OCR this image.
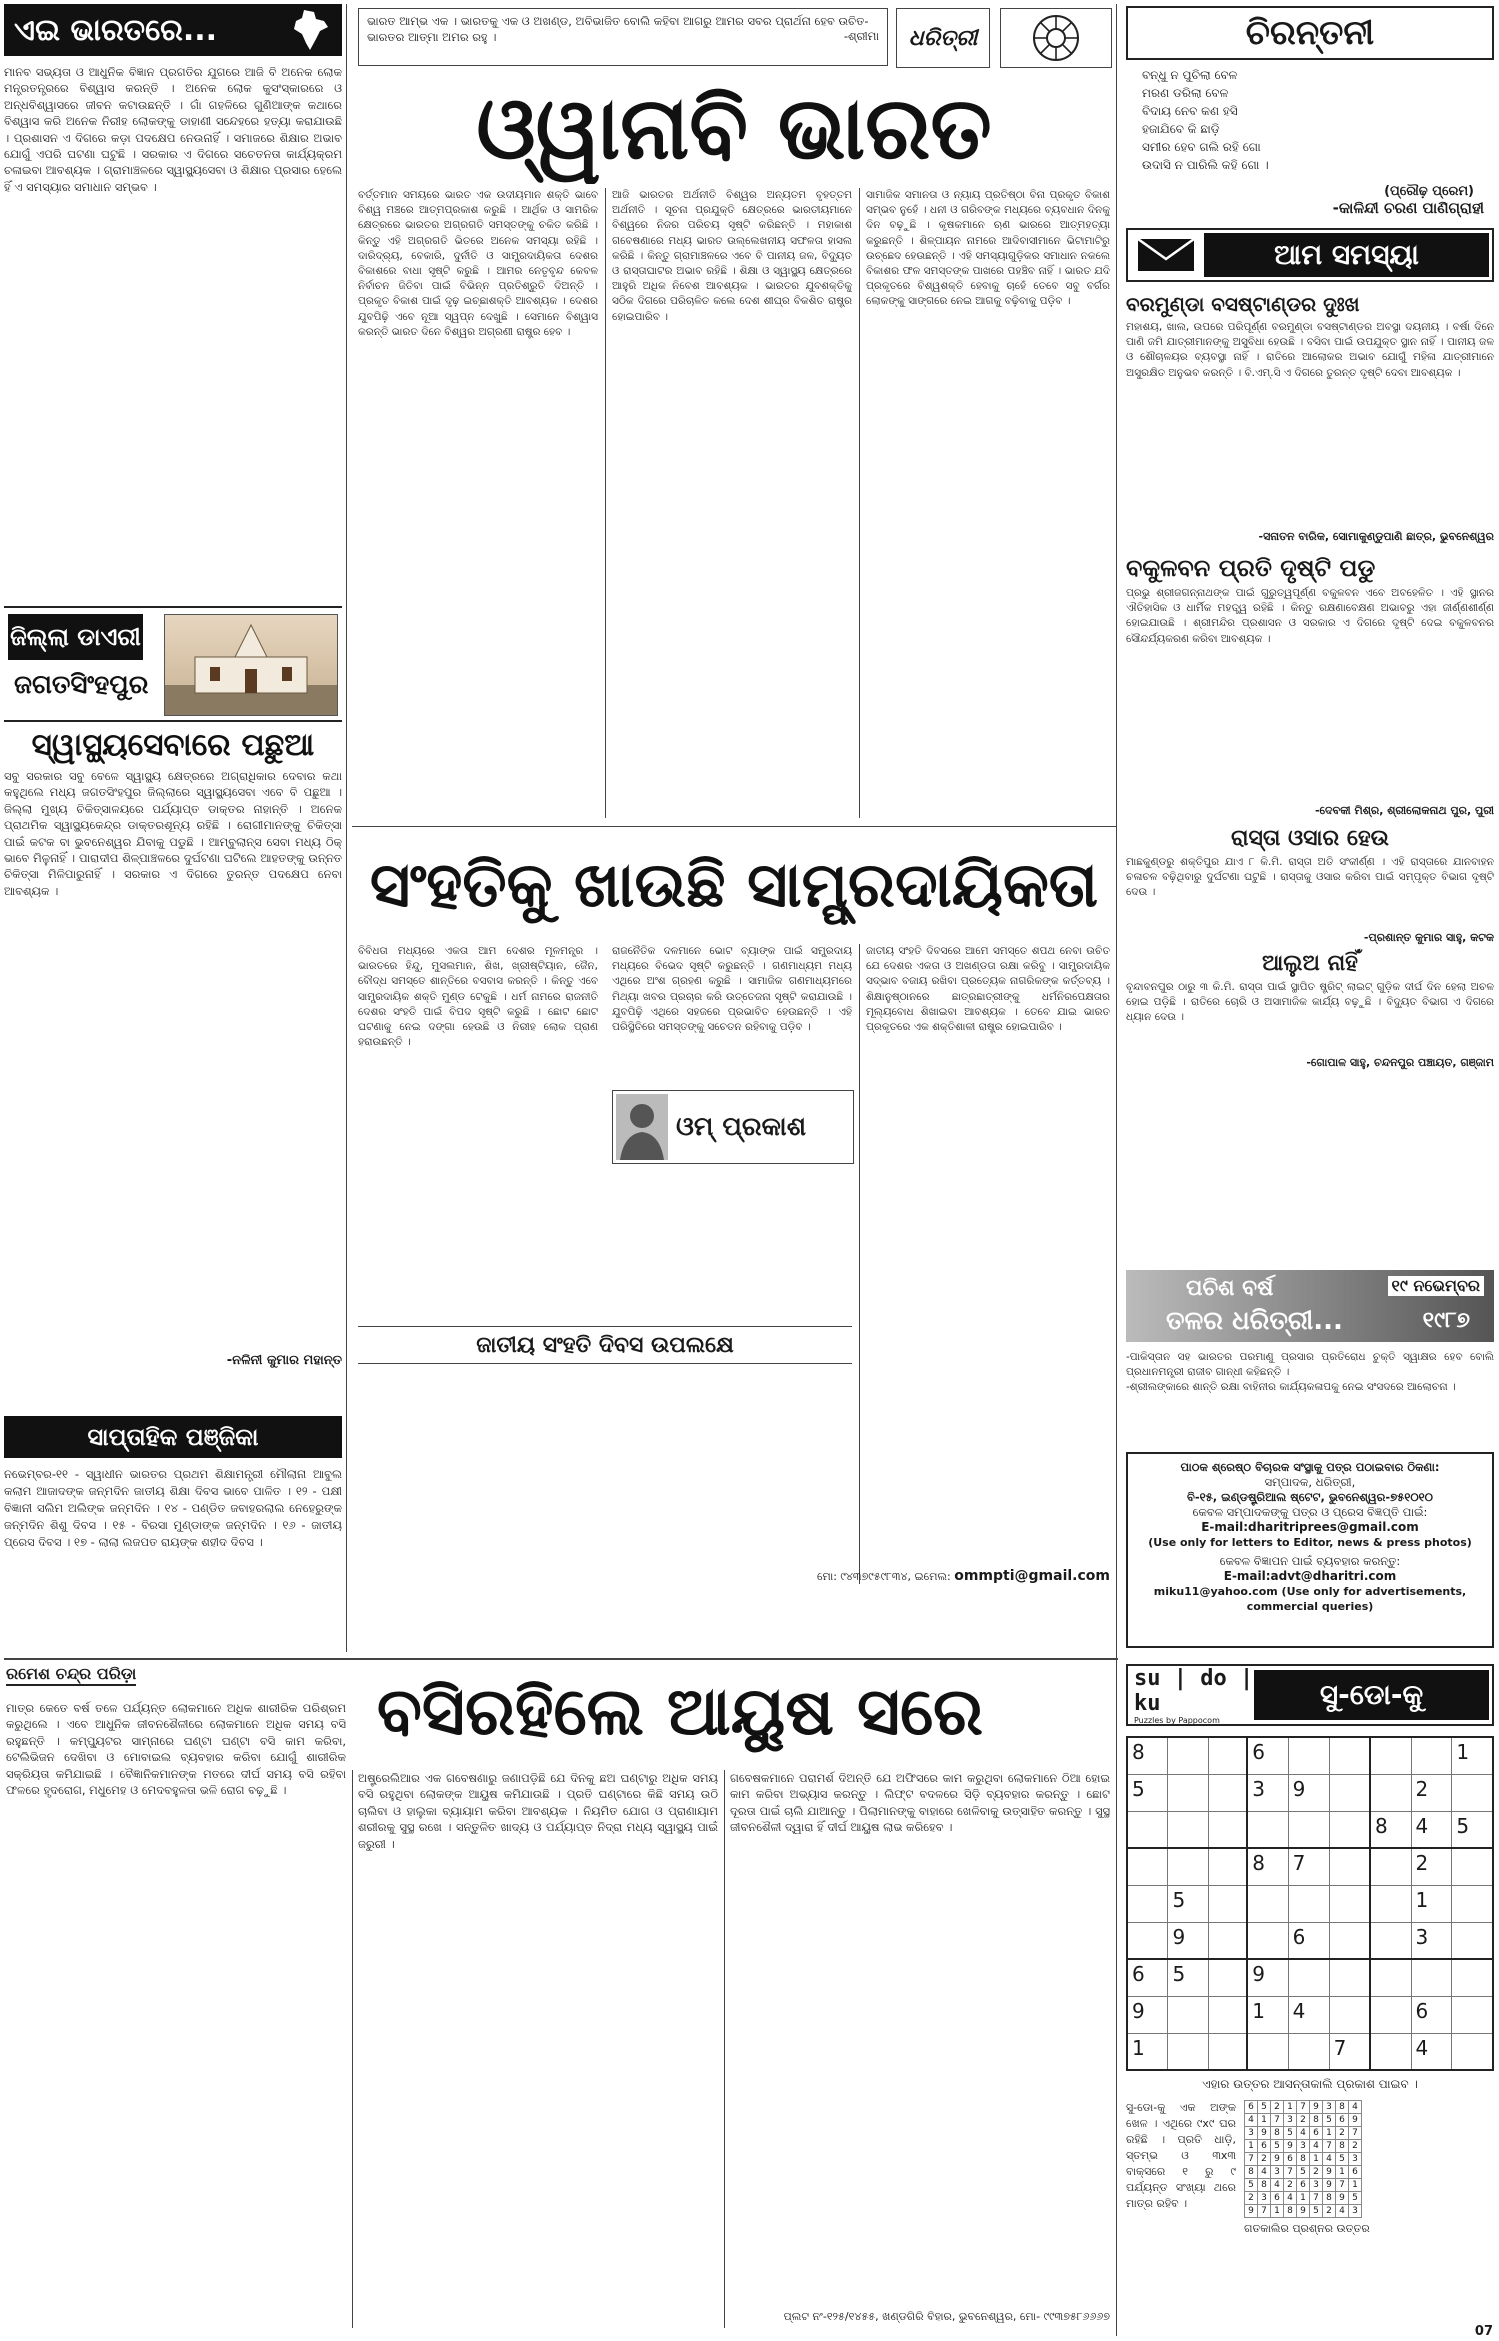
ଏଇ ଭାରତରେ...
ମାନବ ସଭ୍ୟତା ଓ ଆଧୁନିକ ବିଜ୍ଞାନ ପ୍ରଗତିର ଯୁଗରେ ଆଜି ବି ଅନେକ ଲୋକ ମନ୍ତ୍ରତନ୍ତ୍ରରେ ବିଶ୍ୱାସ କରନ୍ତି । ଅନେକ ଲୋକ କୁସଂସ୍କାରରେ ଓ ଅନ୍ଧବିଶ୍ୱାସରେ ଜୀବନ କଟାଉଛନ୍ତି । ଗାଁ ଗହଳିରେ ଗୁଣିଆଙ୍କ କଥାରେ ବିଶ୍ୱାସ କରି ଅନେକ ନିରୀହ ଲୋକଙ୍କୁ ଡାହାଣୀ ସନ୍ଦେହରେ ହତ୍ୟା କରାଯାଉଛି । ପ୍ରଶାସନ ଏ ଦିଗରେ କଡ଼ା ପଦକ୍ଷେପ ନେଉନାହିଁ । ସମାଜରେ ଶିକ୍ଷାର ଅଭାବ ଯୋଗୁଁ ଏପରି ଘଟଣା ଘଟୁଛି । ସରକାର ଏ ଦିଗରେ ସଚେତନତା କାର୍ଯ୍ୟକ୍ରମ ଚଳାଇବା ଆବଶ୍ୟକ । ଗ୍ରାମାଞ୍ଚଳରେ ସ୍ୱାସ୍ଥ୍ୟସେବା ଓ ଶିକ୍ଷାର ପ୍ରସାର ହେଲେ ହିଁ ଏ ସମସ୍ୟାର ସମାଧାନ ସମ୍ଭବ ।
ଜିଲ୍ଲା ଡାଏରୀ
ଜଗତସିଂହପୁର
ସ୍ୱାସ୍ଥ୍ୟସେବାରେ ପଛୁଆ
ସବୁ ସରକାର ସବୁ ବେଳେ ସ୍ୱାସ୍ଥ୍ୟ କ୍ଷେତ୍ରରେ ଅଗ୍ରାଧିକାର ଦେବାର କଥା କହୁଥିଲେ ମଧ୍ୟ ଜଗତସିଂହପୁର ଜିଲ୍ଲାରେ ସ୍ୱାସ୍ଥ୍ୟସେବା ଏବେ ବି ପଛୁଆ । ଜିଲ୍ଲା ମୁଖ୍ୟ ଚିକିତ୍ସାଳୟରେ ପର୍ଯ୍ୟାପ୍ତ ଡାକ୍ତର ନାହାନ୍ତି । ଅନେକ ପ୍ରାଥମିକ ସ୍ୱାସ୍ଥ୍ୟକେନ୍ଦ୍ର ଡାକ୍ତରଶୂନ୍ୟ ରହିଛି । ରୋଗୀମାନଙ୍କୁ ଚିକିତ୍ସା ପାଇଁ କଟକ ବା ଭୁବନେଶ୍ୱର ଯିବାକୁ ପଡୁଛି । ଆମ୍ବୁଲାନ୍ସ ସେବା ମଧ୍ୟ ଠିକ୍ ଭାବେ ମିଳୁନାହିଁ । ପାରାଦୀପ ଶିଳ୍ପାଞ୍ଚଳରେ ଦୁର୍ଘଟଣା ଘଟିଲେ ଆହତଙ୍କୁ ଉନ୍ନତ ଚିକିତ୍ସା ମିଳିପାରୁନାହିଁ । ସରକାର ଏ ଦିଗରେ ତୁରନ୍ତ ପଦକ୍ଷେପ ନେବା ଆବଶ୍ୟକ ।
-ନଳିନୀ କୁମାର ମହାନ୍ତ
ସାପ୍ତାହିକ ପଞ୍ଜିକା
ନଭେମ୍ବର-୧୧ - ସ୍ୱାଧୀନ ଭାରତର ପ୍ରଥମ ଶିକ୍ଷାମନ୍ତ୍ରୀ ମୌଲାନା ଆବୁଲ କଲାମ ଆଜାଦଙ୍କ ଜନ୍ମଦିନ ଜାତୀୟ ଶିକ୍ଷା ଦିବସ ଭାବେ ପାଳିତ । ୧୨ - ପକ୍ଷୀ ବିଜ୍ଞାନୀ ସଲିମ ଅଲିଙ୍କ ଜନ୍ମଦିନ । ୧୪ - ପଣ୍ଡିତ ଜବାହରଲାଲ ନେହେରୁଙ୍କ ଜନ୍ମଦିନ ଶିଶୁ ଦିବସ । ୧୫ - ବିରସା ମୁଣ୍ଡାଙ୍କ ଜନ୍ମଦିନ । ୧୬ - ଜାତୀୟ ପ୍ରେସ ଦିବସ । ୧୭ - ଲାଲା ଲଜପତ ରାୟଙ୍କ ଶହୀଦ ଦିବସ ।
ଭାରତ ଆମ୍ଭ ଏକ । ଭାରତକୁ ଏକ ଓ ଅଖଣ୍ଡ, ଅବିଭାଜିତ ବୋଲି କହିବା ଆଗରୁ ଆମର ସବର ପ୍ରାର୍ଥନା ହେବ ଉଚିତ-ଭାରତର ଆତ୍ମା ଅମର ରହୁ ।	-ଶ୍ରୀମା ଧରିତ୍ରୀ
ଓ୍ୱାନାବି ଭାରତ
ବର୍ତ୍ତମାନ ସମୟରେ ଭାରତ ଏକ ଉଦୀୟମାନ ଶକ୍ତି ଭାବେ ବିଶ୍ୱ ମଞ୍ଚରେ ଆତ୍ମପ୍ରକାଶ କରୁଛି । ଆର୍ଥିକ ଓ ସାମରିକ କ୍ଷେତ୍ରରେ ଭାରତର ଅଗ୍ରଗତି ସମସ୍ତଙ୍କୁ ଚକିତ କରିଛି । କିନ୍ତୁ ଏହି ଅଗ୍ରଗତି ଭିତରେ ଅନେକ ସମସ୍ୟା ରହିଛି । ଦାରିଦ୍ର୍ୟ, ବେକାରି, ଦୁର୍ନୀତି ଓ ସାମ୍ପ୍ରଦାୟିକତା ଦେଶର ବିକାଶରେ ବାଧା ସୃଷ୍ଟି କରୁଛି । ଆମର ନେତୃବୃନ୍ଦ କେବଳ ନିର୍ବାଚନ ଜିତିବା ପାଇଁ ବିଭିନ୍ନ ପ୍ରତିଶ୍ରୁତି ଦିଅନ୍ତି । ପ୍ରକୃତ ବିକାଶ ପାଇଁ ଦୃଢ଼ ଇଚ୍ଛାଶକ୍ତି ଆବଶ୍ୟକ । ଦେଶର ଯୁବପିଢ଼ି ଏବେ ନୂଆ ସ୍ୱପ୍ନ ଦେଖୁଛି । ସେମାନେ ବିଶ୍ୱାସ କରନ୍ତି ଭାରତ ଦିନେ ବିଶ୍ୱର ଅଗ୍ରଣୀ ରାଷ୍ଟ୍ର ହେବ ।
ଆଜି ଭାରତର ଅର୍ଥନୀତି ବିଶ୍ୱର ଅନ୍ୟତମ ବୃହତ୍ତମ ଅର୍ଥନୀତି । ସୂଚନା ପ୍ରଯୁକ୍ତି କ୍ଷେତ୍ରରେ ଭାରତୀୟମାନେ ବିଶ୍ୱରେ ନିଜର ପରିଚୟ ସୃଷ୍ଟି କରିଛନ୍ତି । ମହାକାଶ ଗବେଷଣାରେ ମଧ୍ୟ ଭାରତ ଉଲ୍ଲେଖନୀୟ ସଫଳତା ହାସଲ କରିଛି । କିନ୍ତୁ ଗ୍ରାମାଞ୍ଚଳରେ ଏବେ ବି ପାନୀୟ ଜଳ, ବିଦ୍ୟୁତ ଓ ରାସ୍ତାଘାଟର ଅଭାବ ରହିଛି । ଶିକ୍ଷା ଓ ସ୍ୱାସ୍ଥ୍ୟ କ୍ଷେତ୍ରରେ ଆହୁରି ଅଧିକ ନିବେଶ ଆବଶ୍ୟକ । ଭାରତର ଯୁବଶକ୍ତିକୁ ସଠିକ ଦିଗରେ ପରିଚାଳିତ କଲେ ଦେଶ ଶୀଘ୍ର ବିକଶିତ ରାଷ୍ଟ୍ର ହୋଇପାରିବ ।
ସାମାଜିକ ସମାନତା ଓ ନ୍ୟାୟ ପ୍ରତିଷ୍ଠା ବିନା ପ୍ରକୃତ ବିକାଶ ସମ୍ଭବ ନୁହେଁ । ଧନୀ ଓ ଗରିବଙ୍କ ମଧ୍ୟରେ ବ୍ୟବଧାନ ଦିନକୁ ଦିନ ବଢ଼ୁଛି । କୃଷକମାନେ ଋଣ ଭାରରେ ଆତ୍ମହତ୍ୟା କରୁଛନ୍ତି । ଶିଳ୍ପାୟନ ନାମରେ ଆଦିବାସୀମାନେ ଭିଟାମାଟିରୁ ଉଚ୍ଛେଦ ହେଉଛନ୍ତି । ଏହି ସମସ୍ୟାଗୁଡ଼ିକର ସମାଧାନ ନକଲେ ବିକାଶର ଫଳ ସମସ୍ତଙ୍କ ପାଖରେ ପହଞ୍ଚିବ ନାହିଁ । ଭାରତ ଯଦି ପ୍ରକୃତରେ ବିଶ୍ୱଶକ୍ତି ହେବାକୁ ଚାହେଁ ତେବେ ସବୁ ବର୍ଗର ଲୋକଙ୍କୁ ସାଙ୍ଗରେ ନେଇ ଆଗକୁ ବଢ଼ିବାକୁ ପଡ଼ିବ ।
ସଂହତିକୁ ଖାଉଛି ସାମ୍ପ୍ରଦାୟିକତା
ବିବିଧତା ମଧ୍ୟରେ ଏକତା ଆମ ଦେଶର ମୂଳମନ୍ତ୍ର । ଭାରତରେ ହିନ୍ଦୁ, ମୁସଲମାନ, ଶିଖ, ଖ୍ରୀଷ୍ଟିୟାନ, ଜୈନ, ବୌଦ୍ଧ ସମସ୍ତେ ଶାନ୍ତିରେ ବସବାସ କରନ୍ତି । କିନ୍ତୁ ଏବେ ସାମ୍ପ୍ରଦାୟିକ ଶକ୍ତି ମୁଣ୍ଡ ଟେକୁଛି । ଧର୍ମ ନାମରେ ରାଜନୀତି ଦେଶର ସଂହତି ପାଇଁ ବିପଦ ସୃଷ୍ଟି କରୁଛି । ଛୋଟ ଛୋଟ ଘଟଣାକୁ ନେଇ ଦଙ୍ଗା ହେଉଛି ଓ ନିରୀହ ଲୋକ ପ୍ରାଣ ହରାଉଛନ୍ତି ।
ଓମ୍ ପ୍ରକାଶ
ରାଜନୈତିକ ଦଳମାନେ ଭୋଟ ବ୍ୟାଙ୍କ ପାଇଁ ସମ୍ପ୍ରଦାୟ ମଧ୍ୟରେ ବିଭେଦ ସୃଷ୍ଟି କରୁଛନ୍ତି । ଗଣମାଧ୍ୟମ ମଧ୍ୟ ଏଥିରେ ଅଂଶ ଗ୍ରହଣ କରୁଛି । ସାମାଜିକ ଗଣମାଧ୍ୟମରେ ମିଥ୍ୟା ଖବର ପ୍ରଚାର କରି ଉତ୍ତେଜନା ସୃଷ୍ଟି କରାଯାଉଛି । ଯୁବପିଢ଼ି ଏଥିରେ ସହଜରେ ପ୍ରଭାବିତ ହେଉଛନ୍ତି । ଏହି ପରିସ୍ଥିତିରେ ସମସ୍ତଙ୍କୁ ସଚେତନ ରହିବାକୁ ପଡ଼ିବ ।
ଜାତୀୟ ସଂହତି ଦିବସରେ ଆମେ ସମସ୍ତେ ଶପଥ ନେବା ଉଚିତ ଯେ ଦେଶର ଏକତା ଓ ଅଖଣ୍ଡତା ରକ୍ଷା କରିବୁ । ସାମ୍ପ୍ରଦାୟିକ ସଦ୍ଭାବ ବଜାୟ ରଖିବା ପ୍ରତ୍ୟେକ ନାଗରିକଙ୍କ କର୍ତ୍ତବ୍ୟ । ଶିକ୍ଷାନୁଷ୍ଠାନରେ ଛାତ୍ରଛାତ୍ରୀଙ୍କୁ ଧର୍ମନିରପେକ୍ଷତାର ମୂଲ୍ୟବୋଧ ଶିଖାଇବା ଆବଶ୍ୟକ । ତେବେ ଯାଇ ଭାରତ ପ୍ରକୃତରେ ଏକ ଶକ୍ତିଶାଳୀ ରାଷ୍ଟ୍ର ହୋଇପାରିବ ।
ଜାତୀୟ ସଂହତି ଦିବସ ଉପଲକ୍ଷେ
ମୋ: ୯୪୩୭୯୫୯୮୩୪, ଇମେଲ: ommpti@gmail.com
ଚିରନ୍ତନୀ
ବନ୍ଧୁ ନ ପୁଚିଲା ବେଳ
ମରଣ ଡରିଲା ବେଳ
ବିଦାୟ ନେବ କଣ ହସି
ହଜାଯିବେ କି ଛାଡ଼ି
ସମୀର ହେବ ଗଲି ରହି ଗୋ
ଉଦାସି ନ ପାରିଲି କହି ଗୋ ।
(ପ୍ରୌଢ଼ ପ୍ରେମ)
-କାଳିନ୍ଦୀ ଚରଣ ପାଣିଗ୍ରାହୀ
ଆମ ସମସ୍ୟା
ବରମୁଣ୍ଡା ବସଷ୍ଟାଣ୍ଡର ଦୁଃଖ
ମହାଶୟ, ଖାଲ, ଉପରେ ପରିପୂର୍ଣ୍ଣ ବରମୁଣ୍ଡା ବସଷ୍ଟାଣ୍ଡର ଅବସ୍ଥା ଦୟନୀୟ । ବର୍ଷା ଦିନେ ପାଣି ଜମି ଯାତ୍ରୀମାନଙ୍କୁ ଅସୁବିଧା ହେଉଛି । ବସିବା ପାଇଁ ଉପଯୁକ୍ତ ସ୍ଥାନ ନାହିଁ । ପାନୀୟ ଜଳ ଓ ଶୌଚାଳୟର ବ୍ୟବସ୍ଥା ନାହିଁ । ରାତିରେ ଆଲୋକର ଅଭାବ ଯୋଗୁଁ ମହିଳା ଯାତ୍ରୀମାନେ ଅସୁରକ୍ଷିତ ଅନୁଭବ କରନ୍ତି । ବି.ଏମ୍.ସି ଏ ଦିଗରେ ତୁରନ୍ତ ଦୃଷ୍ଟି ଦେବା ଆବଶ୍ୟକ ।
-ସନାତନ ବାରିକ, ସୋମାକୁଣ୍ଡୁପାଣି ଛାତ୍ର, ଭୁବନେଶ୍ୱର
ବକୁଳବନ ପ୍ରତି ଦୃଷ୍ଟି ପଡୁ
ପ୍ରଭୁ ଶ୍ରୀଜଗନ୍ନାଥଙ୍କ ପାଇଁ ଗୁରୁତ୍ୱପୂର୍ଣ୍ଣ ବକୁଳବନ ଏବେ ଅବହେଳିତ । ଏହି ସ୍ଥାନର ଐତିହାସିକ ଓ ଧାର୍ମିକ ମହତ୍ତ୍ୱ ରହିଛି । କିନ୍ତୁ ରକ୍ଷଣାବେକ୍ଷଣ ଅଭାବରୁ ଏହା ଜୀର୍ଣ୍ଣଶୀର୍ଣ୍ଣ ହୋଇଯାଉଛି । ଶ୍ରୀମନ୍ଦିର ପ୍ରଶାସନ ଓ ସରକାର ଏ ଦିଗରେ ଦୃଷ୍ଟି ଦେଇ ବକୁଳବନର ସୌନ୍ଦର୍ଯ୍ୟକରଣ କରିବା ଆବଶ୍ୟକ ।
-ଦେବକୀ ମିଶ୍ର, ଶ୍ରୀଲୋକନାଥ ପୁର, ପୁରୀ
ରାସ୍ତା ଓସାର ହେଉ
ମାଛକୁଣ୍ଡରୁ ଶକ୍ତିପୁର ଯାଏ ୮ କି.ମି. ରାସ୍ତା ଅତି ସଂକୀର୍ଣ୍ଣ । ଏହି ରାସ୍ତାରେ ଯାନବାହନ ଚଳାଚଳ ବଢ଼ିଥିବାରୁ ଦୁର୍ଘଟଣା ଘଟୁଛି । ରାସ୍ତାକୁ ଓସାର କରିବା ପାଇଁ ସମ୍ପୃକ୍ତ ବିଭାଗ ଦୃଷ୍ଟି ଦେଉ ।
-ପ୍ରଶାନ୍ତ କୁମାର ସାହୁ, କଟକ
ଆଲୁଅ ନାହିଁ
ବୃନ୍ଦାବନପୁର ଠାରୁ ୩ କି.ମି. ରାସ୍ତା ପାଇଁ ସ୍ଥାପିତ ଷ୍ଟ୍ରିଟ୍ ଲାଇଟ୍ ଗୁଡ଼ିକ ଦୀର୍ଘ ଦିନ ହେଲା ଅଚଳ ହୋଇ ପଡ଼ିଛି । ରାତିରେ ଚୋରି ଓ ଅସାମାଜିକ କାର୍ଯ୍ୟ ବଢ଼ୁଛି । ବିଦ୍ୟୁତ ବିଭାଗ ଏ ଦିଗରେ ଧ୍ୟାନ ଦେଉ ।
-ଗୋପାଳ ସାହୁ, ଚନ୍ଦନପୁର ପଞ୍ଚାୟତ, ଗଞ୍ଜାମ
ପଚିଶ ବର୍ଷ
ତଳର ଧରିତ୍ରୀ...
୧୯ ନଭେମ୍ବର
୧୯୮୭
-ପାକିସ୍ତାନ ସହ ଭାରତର ପରମାଣୁ ପ୍ରସାର ପ୍ରତିରୋଧ ଚୁକ୍ତି ସ୍ୱାକ୍ଷର ହେବ ବୋଲି ପ୍ରଧାନମନ୍ତ୍ରୀ ରାଜୀବ ଗାନ୍ଧୀ କହିଛନ୍ତି ।
-ଶ୍ରୀଲଙ୍କାରେ ଶାନ୍ତି ରକ୍ଷା ବାହିନୀର କାର୍ଯ୍ୟକଳାପକୁ ନେଇ ସଂସଦରେ ଆଲୋଚନା ।
ପାଠକ ଶ୍ରେଷ୍ଠ ବିଚାରକ ସଂସ୍ଥାକୁ ପତ୍ର ପଠାଇବାର ଠିକଣା:
ସମ୍ପାଦକ, ଧରିତ୍ରୀ,
ବି-୧୫, ଇଣ୍ଡଷ୍ଟ୍ରିଆଲ ଷ୍ଟେଟ, ଭୁବନେଶ୍ୱର-୭୫୧୦୧୦
କେବଳ ସମ୍ପାଦକଙ୍କୁ ପତ୍ର ଓ ପ୍ରେସ ବିଜ୍ଞପ୍ତି ପାଇଁ:
E-mail:dharitriprees@gmail.com
(Use only for letters to Editor, news & press photos)
କେବଳ ବିଜ୍ଞାପନ ପାଇଁ ବ୍ୟବହାର କରନ୍ତୁ:
E-mail:advt@dharitri.com
miku11@yahoo.com (Use only for advertisements, commercial queries)
ରମେଶ ଚନ୍ଦ୍ର ପରିଡ଼ା	ବସିରହିଲେ ଆୟୁଷ ସରେ
ମାତ୍ର କେତେ ବର୍ଷ ତଳେ ପର୍ଯ୍ୟନ୍ତ ଲୋକମାନେ ଅଧିକ ଶାରୀରିକ ପରିଶ୍ରମ କରୁଥିଲେ । ଏବେ ଆଧୁନିକ ଜୀବନଶୈଳୀରେ ଲୋକମାନେ ଅଧିକ ସମୟ ବସି ରହୁଛନ୍ତି । କମ୍ପ୍ୟୁଟର ସାମ୍ନାରେ ଘଣ୍ଟା ଘଣ୍ଟା ବସି କାମ କରିବା, ଟେଲିଭିଜନ ଦେଖିବା ଓ ମୋବାଇଲ ବ୍ୟବହାର କରିବା ଯୋଗୁଁ ଶାରୀରିକ ସକ୍ରିୟତା କମିଯାଇଛି । ବୈଜ୍ଞାନିକମାନଙ୍କ ମତରେ ଦୀର୍ଘ ସମୟ ବସି ରହିବା ଫଳରେ ହୃଦରୋଗ, ମଧୁମେହ ଓ ମେଦବହୁଳତା ଭଳି ରୋଗ ବଢ଼ୁଛି ।
ଅଷ୍ଟ୍ରେଲିଆର ଏକ ଗବେଷଣାରୁ ଜଣାପଡ଼ିଛି ଯେ ଦିନକୁ ଛଅ ଘଣ୍ଟାରୁ ଅଧିକ ସମୟ ବସି ରହୁଥିବା ଲୋକଙ୍କ ଆୟୁଷ କମିଯାଉଛି । ପ୍ରତି ଘଣ୍ଟାରେ କିଛି ସମୟ ଉଠି ଚାଲିବା ଓ ହାଲୁକା ବ୍ୟାୟାମ କରିବା ଆବଶ୍ୟକ । ନିୟମିତ ଯୋଗ ଓ ପ୍ରାଣାୟାମ ଶରୀରକୁ ସୁସ୍ଥ ରଖେ । ସନ୍ତୁଳିତ ଖାଦ୍ୟ ଓ ପର୍ଯ୍ୟାପ୍ତ ନିଦ୍ରା ମଧ୍ୟ ସ୍ୱାସ୍ଥ୍ୟ ପାଇଁ ଜରୁରୀ ।
ଗବେଷକମାନେ ପରାମର୍ଶ ଦିଅନ୍ତି ଯେ ଅଫିସରେ କାମ କରୁଥିବା ଲୋକମାନେ ଠିଆ ହୋଇ କାମ କରିବା ଅଭ୍ୟାସ କରନ୍ତୁ । ଲିଫ୍ଟ ବଦଳରେ ସିଡ଼ି ବ୍ୟବହାର କରନ୍ତୁ । ଛୋଟ ଦୂରତା ପାଇଁ ଚାଲି ଯାଆନ୍ତୁ । ପିଲାମାନଙ୍କୁ ବାହାରେ ଖେଳିବାକୁ ଉତ୍ସାହିତ କରନ୍ତୁ । ସୁସ୍ଥ ଜୀବନଶୈଳୀ ଦ୍ୱାରା ହିଁ ଦୀର୍ଘ ଆୟୁଷ ଲାଭ କରିହେବ ।
ପ୍ଲଟ ନଂ-୧୨୫/୧୪୫୫, ଖଣ୍ଡଗିରି ବିହାର, ଭୁବନେଶ୍ୱର, ମୋ- ୯୯୩୭୫୮୬୬୬୭
su | do | ku
Puzzles by Pappocom
ସୁ-ଡୋ-କୁ
8			6					1
5			3	9			2	
						8	4	5
			8	7			2	
	5						1	
	9			6			3	
6	5		9					
9			1	4			6	
1					7		4	
ଏହାର ଉତ୍ତର ଆସନ୍ତାକାଲି ପ୍ରକାଶ ପାଇବ ।
ସୁ-ଡୋ-କୁ ଏକ ଅଙ୍କ ଖେଳ । ଏଥିରେ ୯x୯ ଘର ରହିଛି । ପ୍ରତି ଧାଡ଼ି, ସ୍ତମ୍ଭ ଓ ୩x୩ ବାକ୍ସରେ ୧ ରୁ ୯ ପର୍ଯ୍ୟନ୍ତ ସଂଖ୍ୟା ଥରେ ମାତ୍ର ରହିବ ।
6	5	2	1	7	9	3	8	4
4	1	7	3	2	8	5	6	9
3	9	8	5	4	6	1	2	7
1	6	5	9	3	4	7	8	2
7	2	9	6	8	1	4	5	3
8	4	3	7	5	2	9	1	6
5	8	4	2	6	3	9	7	1
2	3	6	4	1	7	8	9	5
9	7	1	8	9	5	2	4	3
ଗତକାଲିର ପ୍ରଶ୍ନର ଉତ୍ତର
07
